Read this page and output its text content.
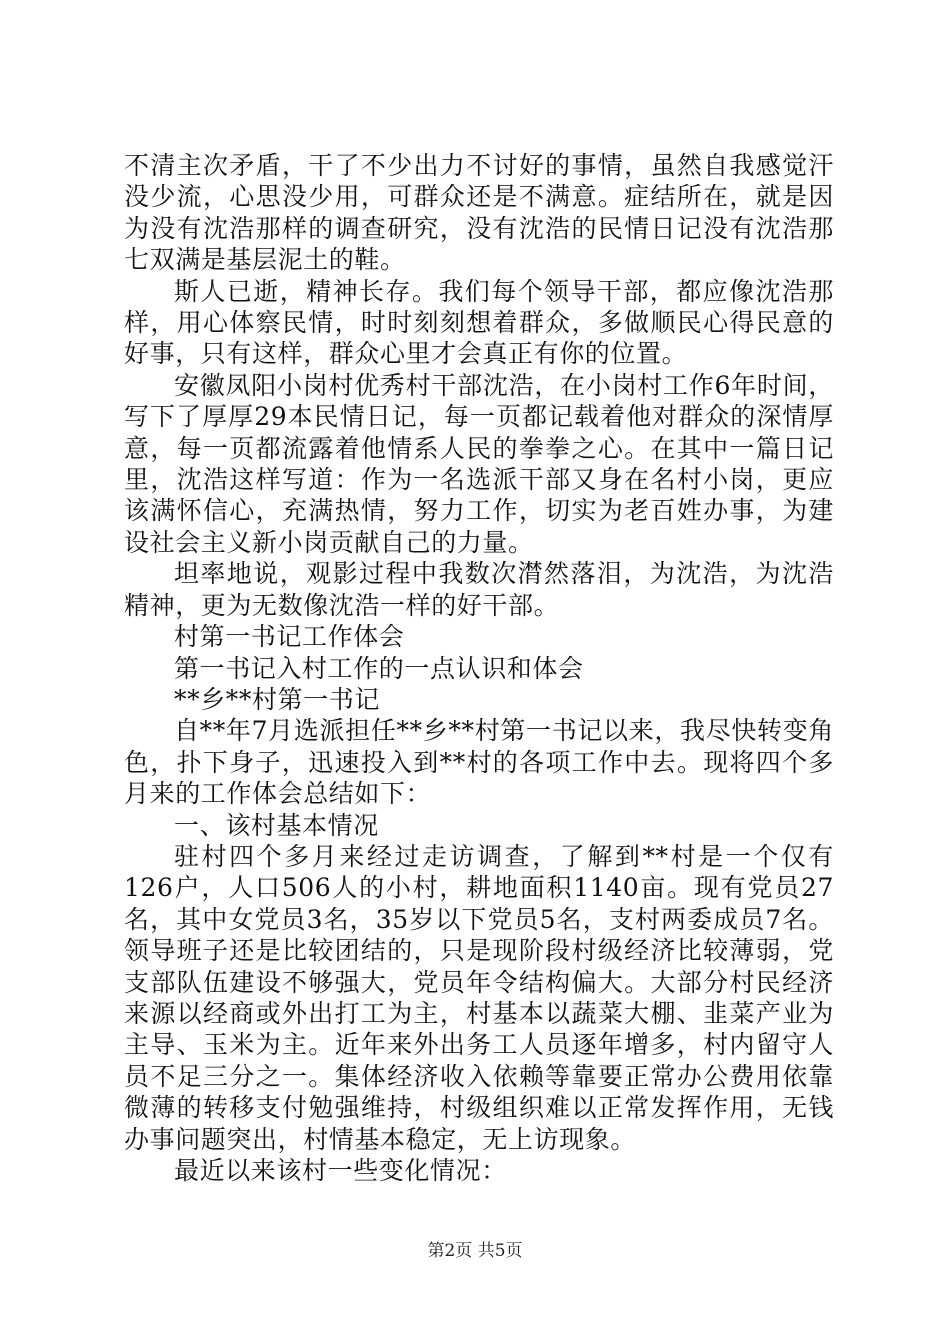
不清主次矛盾，干了不少出力不讨好的事情，虽然自我感觉汗没少流，心思没少用，可群众还是不满意。症结所在，就是因为没有沈浩那样的调查研究，没有沈浩的民情日记没有沈浩那七双满是基层泥土的鞋。

斯人已逝，精神长存。我们每个领导干部，都应像沈浩那样，用心体察民情，时时刻刻想着群众，多做顺民心得民意的好事，只有这样，群众心里才会真正有你的位置。

安徽凤阳小岗村优秀村干部沈浩，在小岗村工作6年时间，写下了厚厚29本民情日记，每一页都记载着他对群众的深情厚意，每一页都流露着他情系人民的拳拳之心。在其中一篇日记里，沈浩这样写道：作为一名选派干部又身在名村小岗，更应该满怀信心，充满热情，努力工作，切实为老百姓办事，为建设社会主义新小岗贡献自己的力量。

坦率地说，观影过程中我数次潸然落泪，为沈浩，为沈浩精神，更为无数像沈浩一样的好干部。

村第一书记工作体会

第一书记入村工作的一点认识和体会

**乡**村第一书记

自**年7月选派担任**乡**村第一书记以来，我尽快转变角色，扑下身子，迅速投入到**村的各项工作中去。现将四个多月来的工作体会总结如下：

一、该村基本情况

驻村四个多月来经过走访调查，了解到**村是一个仅有126户，人口506人的小村，耕地面积1140亩。现有党员27名，其中女党员3名，35岁以下党员5名，支村两委成员7名。领导班子还是比较团结的，只是现阶段村级经济比较薄弱，党支部队伍建设不够强大，党员年令结构偏大。大部分村民经济来源以经商或外出打工为主，村基本以蔬菜大棚、韭菜产业为主导、玉米为主。近年来外出务工人员逐年增多，村内留守人员不足三分之一。集体经济收入依赖等靠要正常办公费用依靠微薄的转移支付勉强维持，村级组织难以正常发挥作用，无钱办事问题突出，村情基本稳定，无上访现象。

最近以来该村一些变化情况：

第2页 共5页
